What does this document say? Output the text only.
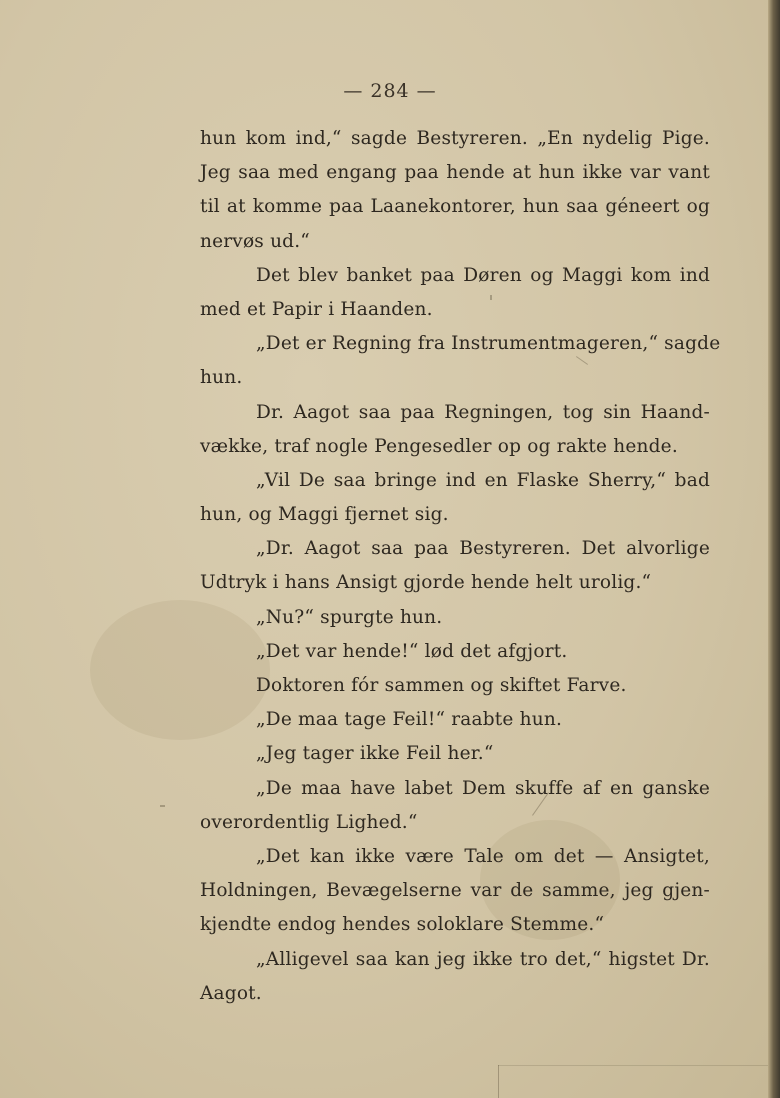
— 284 —
hun kom ind,“ sagde Bestyreren. „En nydelig Pige.
Jeg saa med engang paa hende at hun ikke var vant
til at komme paa Laanekontorer, hun saa géneert og
nervøs ud.“
Det blev banket paa Døren og Maggi kom ind
med et Papir i Haanden.
„Det er Regning fra Instrumentmageren,“ sagde
hun.
Dr. Aagot saa paa Regningen, tog sin Haand-
vække, traf nogle Pengesedler op og rakte hende.
„Vil De saa bringe ind en Flaske Sherry,“ bad
hun, og Maggi fjernet sig.
„Dr. Aagot saa paa Bestyreren. Det alvorlige
Udtryk i hans Ansigt gjorde hende helt urolig.“
„Nu?“ spurgte hun.
„Det var hende!“ lød det afgjort.
Doktoren fór sammen og skiftet Farve.
„De maa tage Feil!“ raabte hun.
„Jeg tager ikke Feil her.“
„De maa have labet Dem skuffe af en ganske
overordentlig Lighed.“
„Det kan ikke være Tale om det — Ansigtet,
Holdningen, Bevægelserne var de samme, jeg gjen-
kjendte endog hendes soloklare Stemme.“
„Alligevel saa kan jeg ikke tro det,“ higstet Dr.
Aagot.
